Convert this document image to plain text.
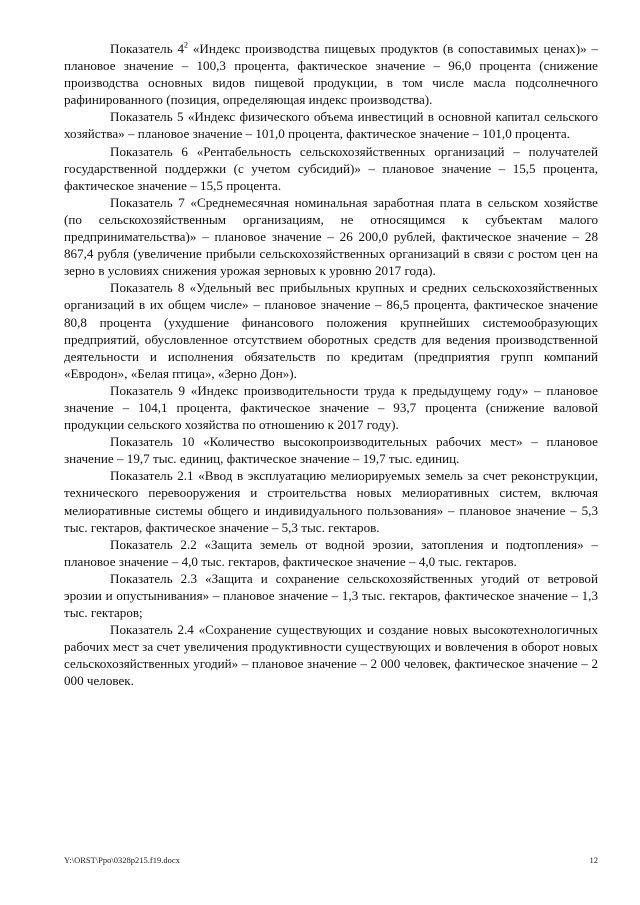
Показатель $4^2$ «Индекс производства пищевых продуктов (в сопоставимых ценах)» – плановое значение – 100,3 процента, фактическое значение – 96,0 процента (снижение производства основных видов пищевой продукции, в том числе масла подсолнечного рафинированного (позиция, определяющая индекс производства).

Показатель 5 «Индекс физического объема инвестиций в основной капитал сельского хозяйства» – плановое значение – 101,0 процента, фактическое значение – 101,0 процента.

Показатель 6 «Рентабельность сельскохозяйственных организаций – получателей государственной поддержки (с учетом субсидий)» – плановое значение – 15,5 процента, фактическое значение – 15,5 процента.

Показатель 7 «Среднемесячная номинальная заработная плата в сельском хозяйстве (по сельскохозяйственным организациям, не относящимся к субъектам малого предпринимательства)» – плановое значение – 26 200,0 рублей, фактическое значение – 28 867,4 рубля (увеличение прибыли сельскохозяйственных организаций в связи с ростом цен на зерно в условиях снижения урожая зерновых к уровню 2017 года).

Показатель 8 «Удельный вес прибыльных крупных и средних сельскохозяйственных организаций в их общем числе» – плановое значение – 86,5 процента, фактическое значение 80,8 процента (ухудшение финансового положения крупнейших системообразующих предприятий, обусловленное отсутствием оборотных средств для ведения производственной деятельности и исполнения обязательств по кредитам (предприятия групп компаний «Евродон», «Белая птица», «Зерно Дон»).

Показатель 9 «Индекс производительности труда к предыдущему году» – плановое значение – 104,1 процента, фактическое значение – 93,7 процента (снижение валовой продукции сельского хозяйства по отношению к 2017 году).

Показатель 10 «Количество высокопроизводительных рабочих мест» – плановое значение – 19,7 тыс. единиц, фактическое значение – 19,7 тыс. единиц.

Показатель 2.1 «Ввод в эксплуатацию мелиорируемых земель за счет реконструкции, технического перевооружения и строительства новых мелиоративных систем, включая мелиоративные системы общего и индивидуального пользования» – плановое значение – 5,3 тыс. гектаров, фактическое значение – 5,3 тыс. гектаров.

Показатель 2.2 «Защита земель от водной эрозии, затопления и подтопления» – плановое значение – 4,0 тыс. гектаров, фактическое значение – 4,0 тыс. гектаров.

Показатель 2.3 «Защита и сохранение сельскохозяйственных угодий от ветровой эрозии и опустынивания» – плановое значение – 1,3 тыс. гектаров, фактическое значение – 1,3 тыс. гектаров;

Показатель 2.4 «Сохранение существующих и создание новых высокотехнологичных рабочих мест за счет увеличения продуктивности существующих и вовлечения в оборот новых сельскохозяйственных угодий» – плановое значение – 2 000 человек, фактическое значение – 2 000 человек.

Y:\ORST\Ppo\0328p215.f19.docx	12
